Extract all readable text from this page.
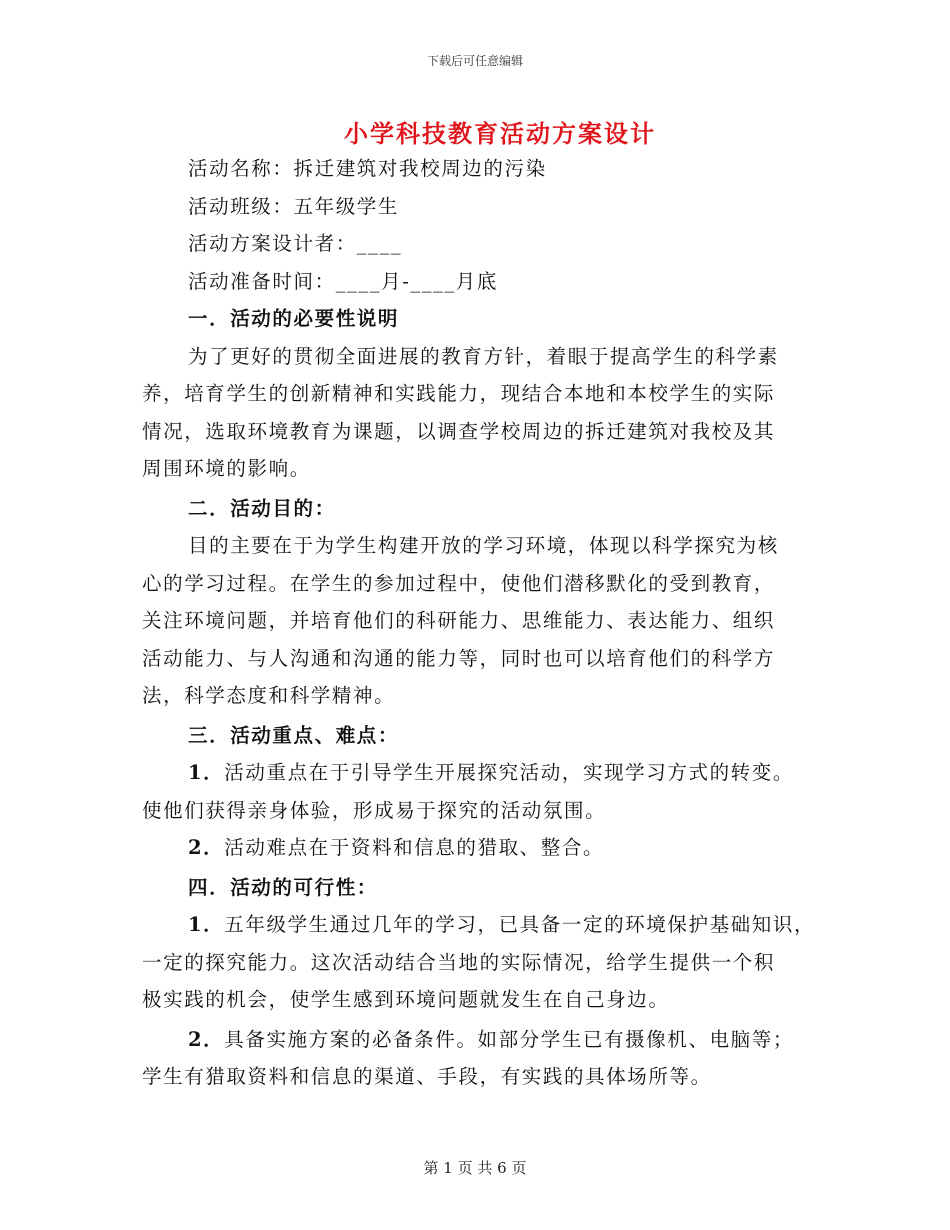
下载后可任意编辑
小学科技教育活动方案设计
活动名称：拆迁建筑对我校周边的污染
活动班级：五年级学生
活动方案设计者：____
活动准备时间：____月-____月底
一．活动的必要性说明
为了更好的贯彻全面进展的教育方针，着眼于提高学生的科学素
养，培育学生的创新精神和实践能力，现结合本地和本校学生的实际
情况，选取环境教育为课题，以调查学校周边的拆迁建筑对我校及其
周围环境的影响。
二．活动目的：
目的主要在于为学生构建开放的学习环境，体现以科学探究为核
心的学习过程。在学生的参加过程中，使他们潜移默化的受到教育，
关注环境问题，并培育他们的科研能力、思维能力、表达能力、组织
活动能力、与人沟通和沟通的能力等，同时也可以培育他们的科学方
法，科学态度和科学精神。
三．活动重点、难点：
1．活动重点在于引导学生开展探究活动，实现学习方式的转变。
使他们获得亲身体验，形成易于探究的活动氛围。
2．活动难点在于资料和信息的猎取、整合。
四．活动的可行性：
1．五年级学生通过几年的学习，已具备一定的环境保护基础知识，
一定的探究能力。这次活动结合当地的实际情况，给学生提供一个积
极实践的机会，使学生感到环境问题就发生在自己身边。
2．具备实施方案的必备条件。如部分学生已有摄像机、电脑等；
学生有猎取资料和信息的渠道、手段，有实践的具体场所等。
第 1 页 共 6 页
